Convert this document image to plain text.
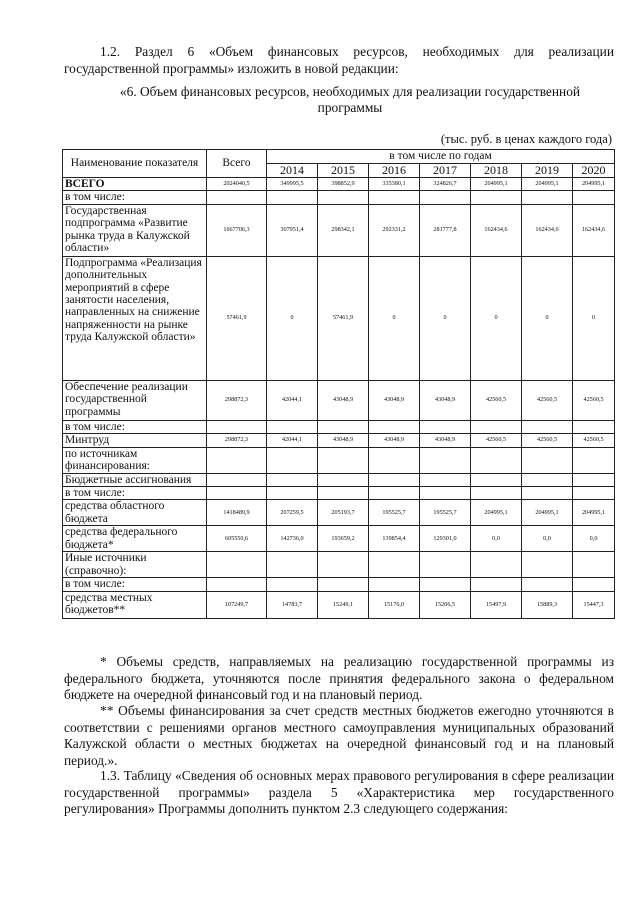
1.2. Раздел 6 «Объем финансовых ресурсов, необходимых для реализации государственной программы» изложить в новой редакции:

«6. Объем финансовых ресурсов, необходимых для реализации государственной программы

(тыс. руб. в ценах каждого года)

Наименование показателя	Всего	в том числе по годам						
		2014	2015	2016	2017	2018	2019	2020
ВСЕГО	2024040,5	349995,5	398852,9	335380,1	324826,7	204995,1	204995,1	204995,1
в том числе:								
Государственная подпрограмма «Развитие рынка труда в Калужской области»	1667706,3	307951,4	298342,1	292331,2	281777,8	162434,6	162434,6	162434,6
Подпрограмма «Реализация дополнительных мероприятий в сфере занятости населения, направленных на снижение напряженности на рынке труда Калужской области»	57461,9	0	57461,9	0	0	0	0	0
Обеспечение реализации государственной программы	298872,3	42044,1	43048,9	43048,9	43048,9	42560,5	42560,5	42560,5
в том числе:								
Минтруд	298872,3	42044,1	43048,9	43048,9	43048,9	42560,5	42560,5	42560,5
по источникам финансирования:								
Бюджетные ассигнования								
в том числе:								
средства областного бюджета	1418489,9	207259,5	205193,7	195525,7	195525,7	204995,1	204995,1	204995,1
средства федерального бюджета*	605550,6	142736,0	193659,2	139854,4	129301,0	0,0	0,0	0,0
Иные источники (справочно):								
в том числе:								
средства местных бюджетов**	107249,7	14783,7	15249,1	15176,0	15206,5	15497,9	15889,3	15447,3

* Объемы средств, направляемых на реализацию государственной программы из федерального бюджета, уточняются после принятия федерального закона о федеральном бюджете на очередной финансовый год и на плановый период.

** Объемы финансирования за счет средств местных бюджетов ежегодно уточняются в соответствии с решениями органов местного самоуправления муниципальных образований Калужской области о местных бюджетах на очередной финансовый год и на плановый период.».

1.3. Таблицу «Сведения об основных мерах правового регулирования в сфере реализации государственной программы» раздела 5 «Характеристика мер государственного регулирования» Программы дополнить пунктом 2.3 следующего содержания:
